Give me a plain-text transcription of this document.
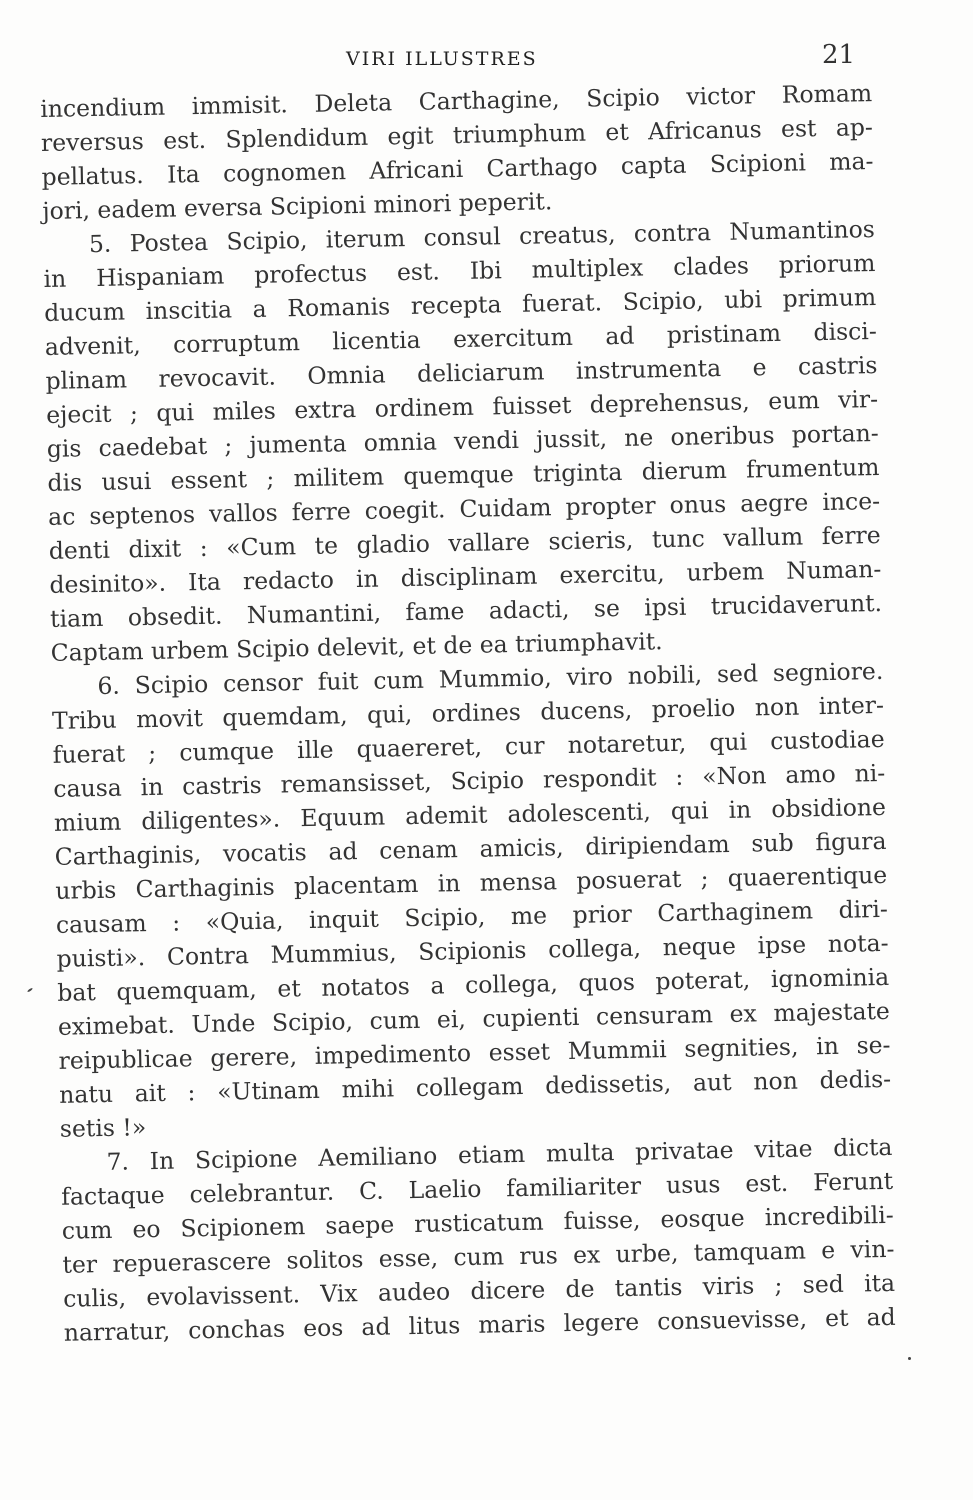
VIRI ILLUSTRES	21
incendium immisit. Deleta Carthagine, Scipio victor Romam
reversus est. Splendidum egit triumphum et Africanus est ap-
pellatus. Ita cognomen Africani Carthago capta Scipioni ma-
jori, eadem eversa Scipioni minori peperit.
5. Postea Scipio, iterum consul creatus, contra Numantinos
in Hispaniam profectus est. Ibi multiplex clades priorum
ducum inscitia a Romanis recepta fuerat. Scipio, ubi primum
advenit, corruptum licentia exercitum ad pristinam disci-
plinam revocavit. Omnia deliciarum instrumenta e castris
ejecit ; qui miles extra ordinem fuisset deprehensus, eum vir-
gis caedebat ; jumenta omnia vendi jussit, ne oneribus portan-
dis usui essent ; militem quemque triginta dierum frumentum
ac septenos vallos ferre coegit. Cuidam propter onus aegre ince-
denti dixit : «Cum te gladio vallare scieris, tunc vallum ferre
desinito». Ita redacto in disciplinam exercitu, urbem Numan-
tiam obsedit. Numantini, fame adacti, se ipsi trucidaverunt.
Captam urbem Scipio delevit, et de ea triumphavit.
6. Scipio censor fuit cum Mummio, viro nobili, sed segniore.
Tribu movit quemdam, qui, ordines ducens, proelio non inter-
fuerat ; cumque ille quaereret, cur notaretur, qui custodiae
causa in castris remansisset, Scipio respondit : «Non amo ni-
mium diligentes». Equum ademit adolescenti, qui in obsidione
Carthaginis, vocatis ad cenam amicis, diripiendam sub figura
urbis Carthaginis placentam in mensa posuerat ; quaerentique
causam : «Quia, inquit Scipio, me prior Carthaginem diri-
puisti». Contra Mummius, Scipionis collega, neque ipse nota-
bat quemquam, et notatos a collega, quos poterat, ignominia
eximebat. Unde Scipio, cum ei, cupienti censuram ex majestate
reipublicae gerere, impedimento esset Mummii segnities, in se-
natu ait : «Utinam mihi collegam dedissetis, aut non dedis-
setis !»
7. In Scipione Aemiliano etiam multa privatae vitae dicta
factaque celebrantur. C. Laelio familiariter usus est. Ferunt
cum eo Scipionem saepe rusticatum fuisse, eosque incredibili-
ter repuerascere solitos esse, cum rus ex urbe, tamquam e vin-
culis, evolavissent. Vix audeo dicere de tantis viris ; sed ita
narratur, conchas eos ad litus maris legere consuevisse, et ad
